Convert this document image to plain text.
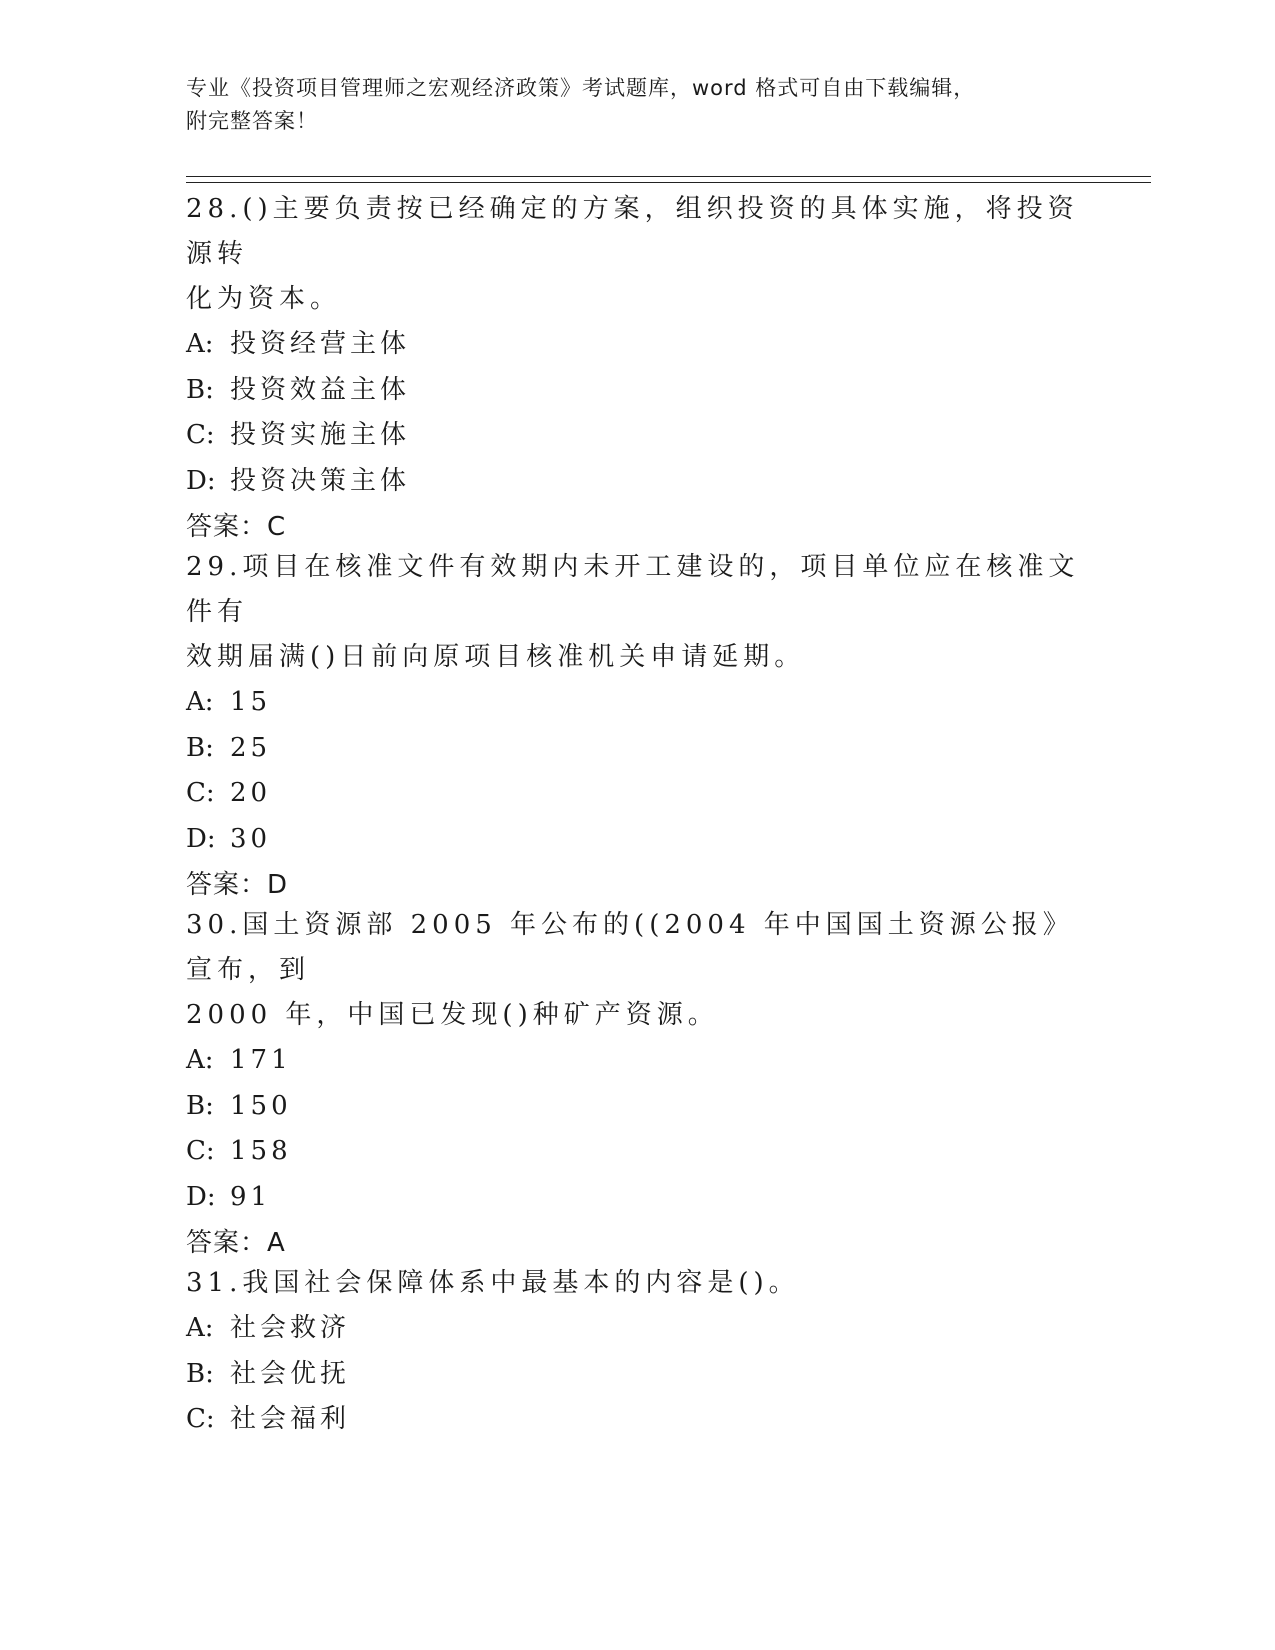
专业《投资项目管理师之宏观经济政策》考试题库，word 格式可自由下载编辑，
附完整答案！

28.()主要负责按已经确定的方案，组织投资的具体实施，将投资源转

化为资本。

A: 投资经营主体

B: 投资效益主体

C: 投资实施主体

D: 投资决策主体

答案：C

29.项目在核准文件有效期内未开工建设的，项目单位应在核准文件有

效期届满()日前向原项目核准机关申请延期。

A: 15

B: 25

C: 20

D: 30

答案：D

30.国土资源部 2005 年公布的((2004 年中国国土资源公报》宣布，到

2000 年，中国已发现()种矿产资源。

A: 171

B: 150

C: 158

D: 91

答案：A

31.我国社会保障体系中最基本的内容是()。

A: 社会救济

B: 社会优抚

C: 社会福利
